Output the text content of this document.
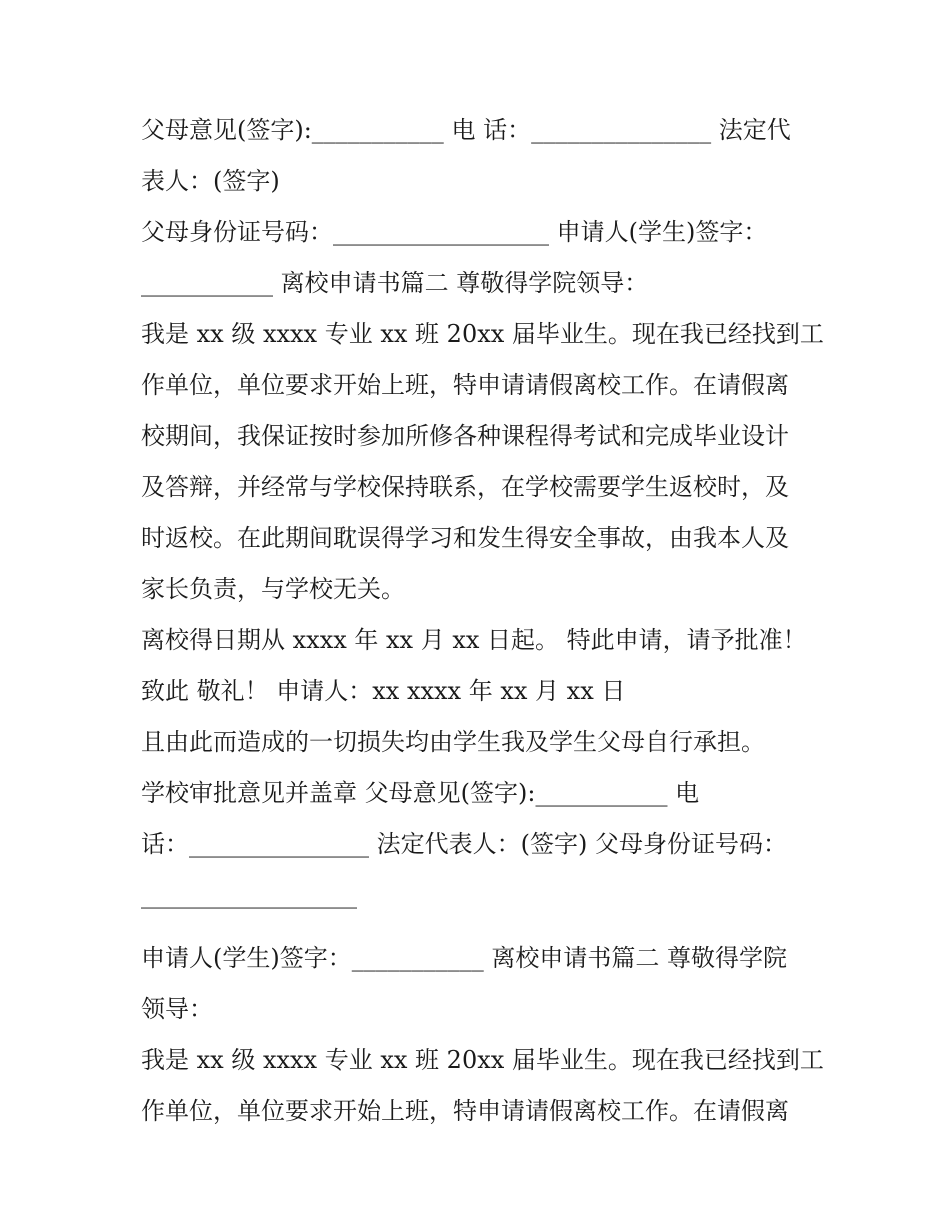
父母意见(签字):___________ 电 话：_______________ 法定代
表人：(签字)
父母身份证号码：__________________ 申请人(学生)签字：
___________ 离校申请书篇二 尊敬得学院领导：
我是 xx 级 xxxx 专业 xx 班 20xx 届毕业生。现在我已经找到工
作单位，单位要求开始上班，特申请请假离校工作。在请假离
校期间，我保证按时参加所修各种课程得考试和完成毕业设计
及答辩，并经常与学校保持联系，在学校需要学生返校时，及
时返校。在此期间耽误得学习和发生得安全事故，由我本人及
家长负责，与学校无关。
离校得日期从 xxxx 年 xx 月 xx 日起。 特此申请，请予批准！
致此 敬礼！ 申请人：xx xxxx 年 xx 月 xx 日
且由此而造成的一切损失均由学生我及学生父母自行承担。
学校审批意见并盖章 父母意见(签字):___________ 电
话：_______________ 法定代表人：(签字) 父母身份证号码：
__________________
申请人(学生)签字：___________ 离校申请书篇二 尊敬得学院
领导：
我是 xx 级 xxxx 专业 xx 班 20xx 届毕业生。现在我已经找到工
作单位，单位要求开始上班，特申请请假离校工作。在请假离
